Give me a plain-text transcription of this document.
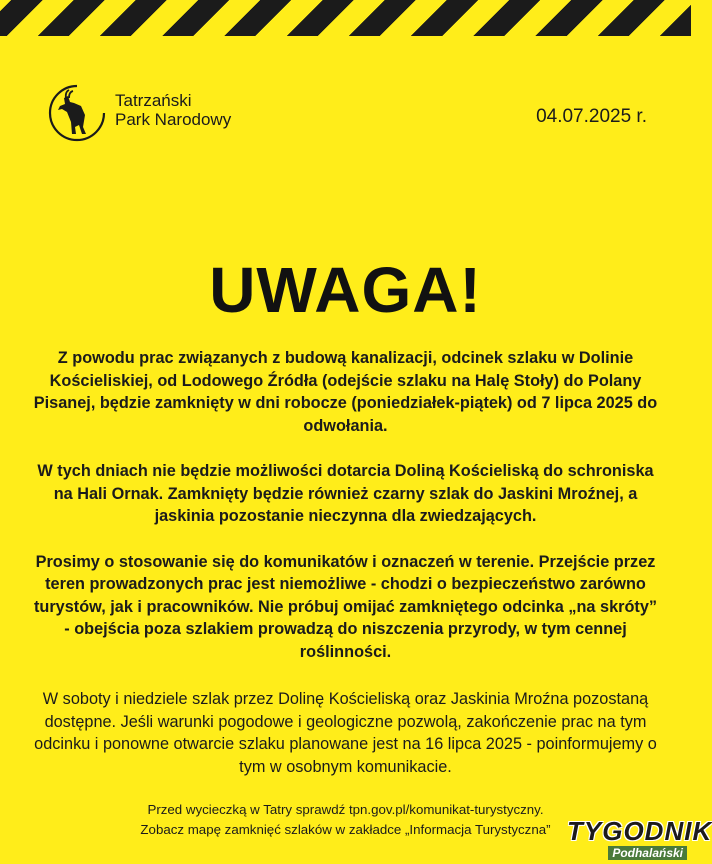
Tatrzański
Park Narodowy	04.07.2025 r.
UWAGA!

Z powodu prac związanych z budową kanalizacji, odcinek szlaku w Dolinie Kościeliskiej, od Lodowego Źródła (odejście szlaku na Halę Stoły) do Polany Pisanej, będzie zamknięty w dni robocze (poniedziałek-piątek) od 7 lipca 2025 do odwołania.

W tych dniach nie będzie możliwości dotarcia Doliną Kościeliską do schroniska na Hali Ornak. Zamknięty będzie również czarny szlak do Jaskini Mroźnej, a jaskinia pozostanie nieczynna dla zwiedzających.

Prosimy o stosowanie się do komunikatów i oznaczeń w terenie. Przejście przez teren prowadzonych prac jest niemożliwe - chodzi o bezpieczeństwo zarówno turystów, jak i pracowników. Nie próbuj omijać zamkniętego odcinka „na skróty” - obejścia poza szlakiem prowadzą do niszczenia przyrody, w tym cennej roślinności.

W soboty i niedziele szlak przez Dolinę Kościeliską oraz Jaskinia Mroźna pozostaną dostępne. Jeśli warunki pogodowe i geologiczne pozwolą, zakończenie prac na tym odcinku i ponowne otwarcie szlaku planowane jest na 16 lipca 2025 - poinformujemy o tym w osobnym komunikacie.

Przed wycieczką w Tatry sprawdź tpn.gov.pl/komunikat-turystyczny.
Zobacz mapę zamknięć szlaków w zakładce „Informacja Turystyczna” TYGODNIK
Podhalański
